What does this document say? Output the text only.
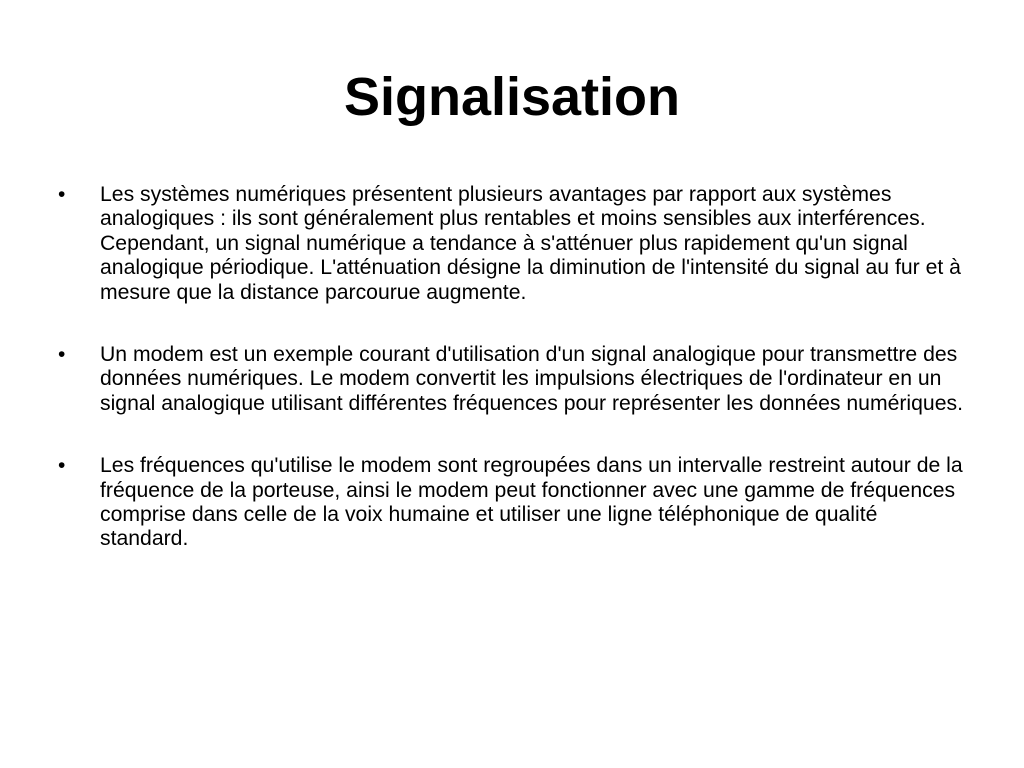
Signalisation
•	Les systèmes numériques présentent plusieurs avantages par rapport aux systèmes analogiques : ils sont généralement plus rentables et moins sensibles aux interférences. Cependant, un signal numérique a tendance à s'atténuer plus rapidement qu'un signal analogique périodique. L'atténuation désigne la diminution de l'intensité du signal au fur et à mesure que la distance parcourue augmente.
•	Un modem est un exemple courant d'utilisation d'un signal analogique pour transmettre des données numériques. Le modem convertit les impulsions électriques de l'ordinateur en un signal analogique utilisant différentes fréquences pour représenter les données numériques.
•	Les fréquences qu'utilise le modem sont regroupées dans un intervalle restreint autour de la fréquence de la porteuse, ainsi le modem peut fonctionner avec une gamme de fréquences comprise dans celle de la voix humaine et utiliser une ligne téléphonique de qualité standard.
